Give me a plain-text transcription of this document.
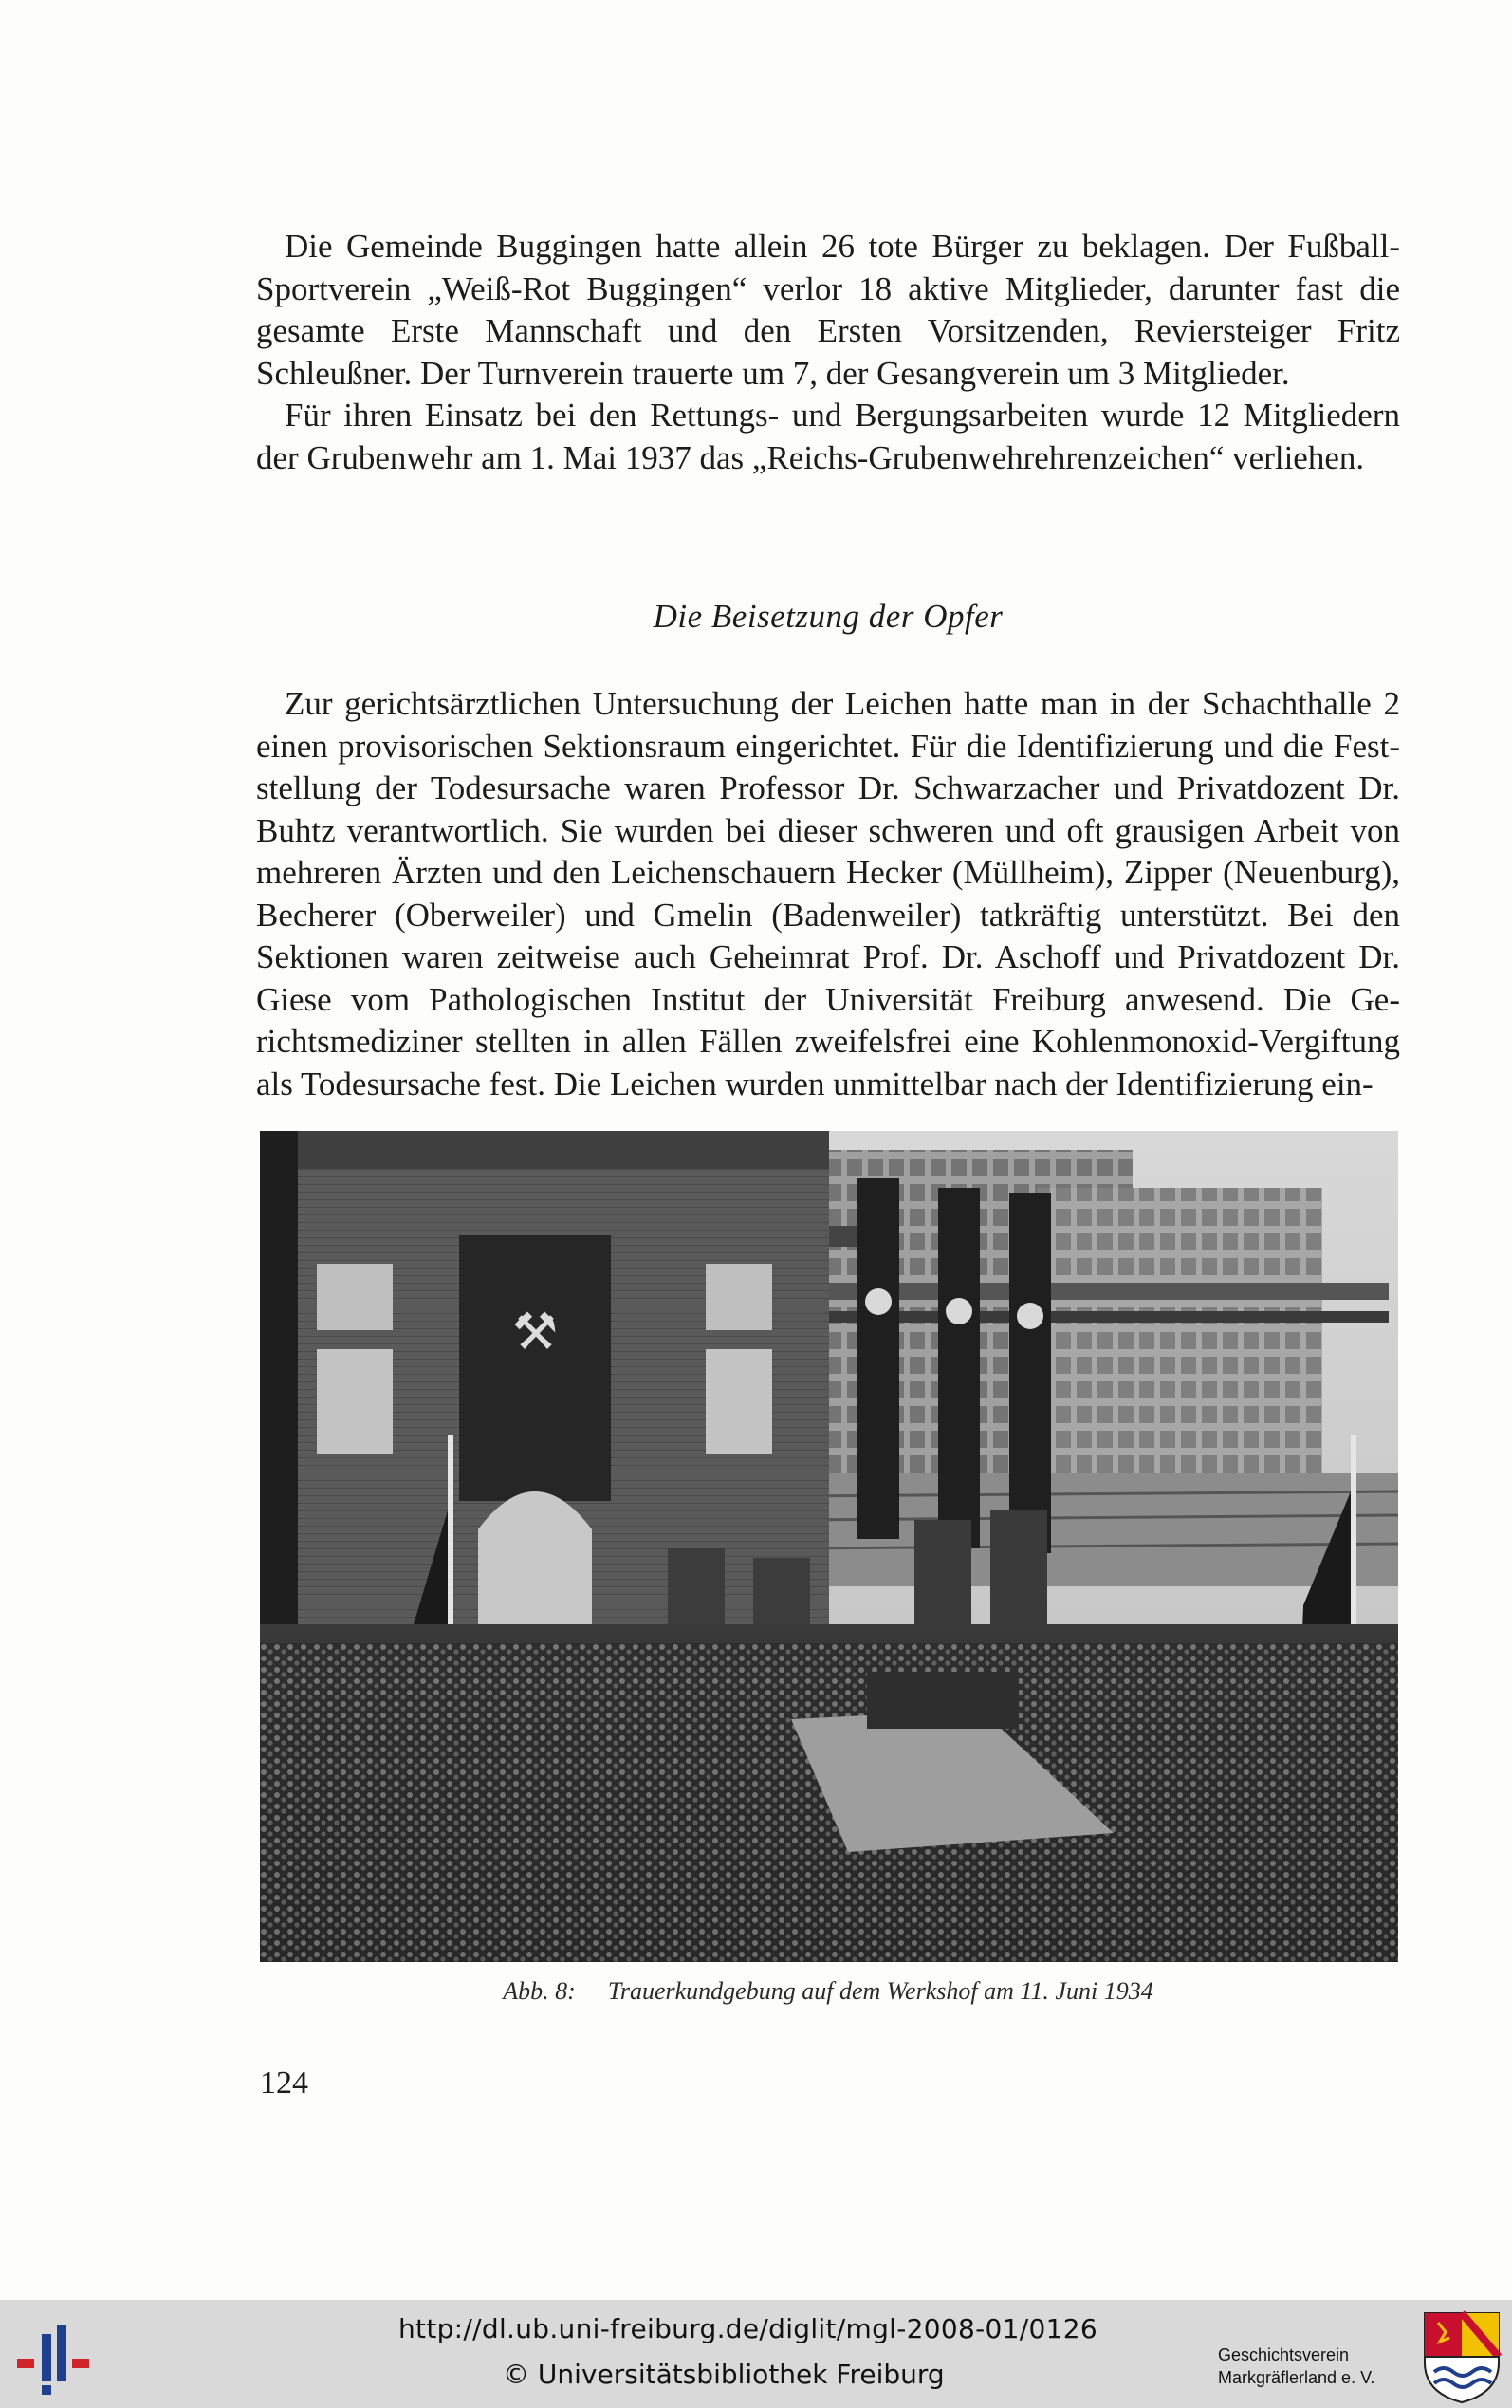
Die Gemeinde Buggingen hatte allein 26 tote Bürger zu beklagen. Der Fußball-Sportverein „Weiß-Rot Buggingen“ verlor 18 aktive Mitglieder, darunter fast die gesamte Erste Mannschaft und den Ersten Vorsitzenden, Reviersteiger Fritz Schleußner. Der Turnverein trauerte um 7, der Gesangverein um 3 Mitglieder.

Für ihren Einsatz bei den Rettungs- und Bergungsarbeiten wurde 12 Mitgliedern der Grubenwehr am 1. Mai 1937 das „Reichs-Grubenwehrehrenzeichen“ verliehen.

Die Beisetzung der Opfer

Zur gerichtsärztlichen Untersuchung der Leichen hatte man in der Schachthalle 2 einen provisorischen Sektionsraum eingerichtet. Für die Identifizierung und die Feststellung der Todesursache waren Professor Dr. Schwarzacher und Privatdozent Dr. Buhtz verantwortlich. Sie wurden bei dieser schweren und oft grausigen Arbeit von mehreren Ärzten und den Leichenschauern Hecker (Müllheim), Zipper (Neuenburg), Becherer (Oberweiler) und Gmelin (Badenweiler) tatkräftig unterstützt. Bei den Sektionen waren zeitweise auch Geheimrat Prof. Dr. Aschoff und Privatdozent Dr. Giese vom Pathologischen Institut der Universität Freiburg anwesend. Die Gerichtsmediziner stellten in allen Fällen zweifelsfrei eine Kohlenmonoxid-Vergiftung als Todesursache fest. Die Leichen wurden unmittelbar nach der Identifizierung ein-

⚒
Abb. 8: Trauerkundgebung auf dem Werkshof am 11. Juni 1934
124
http://dl.ub.uni-freiburg.de/diglit/mgl-2008-01/0126
© Universitätsbibliothek Freiburg
Geschichtsverein
Markgräflerland e. V.
